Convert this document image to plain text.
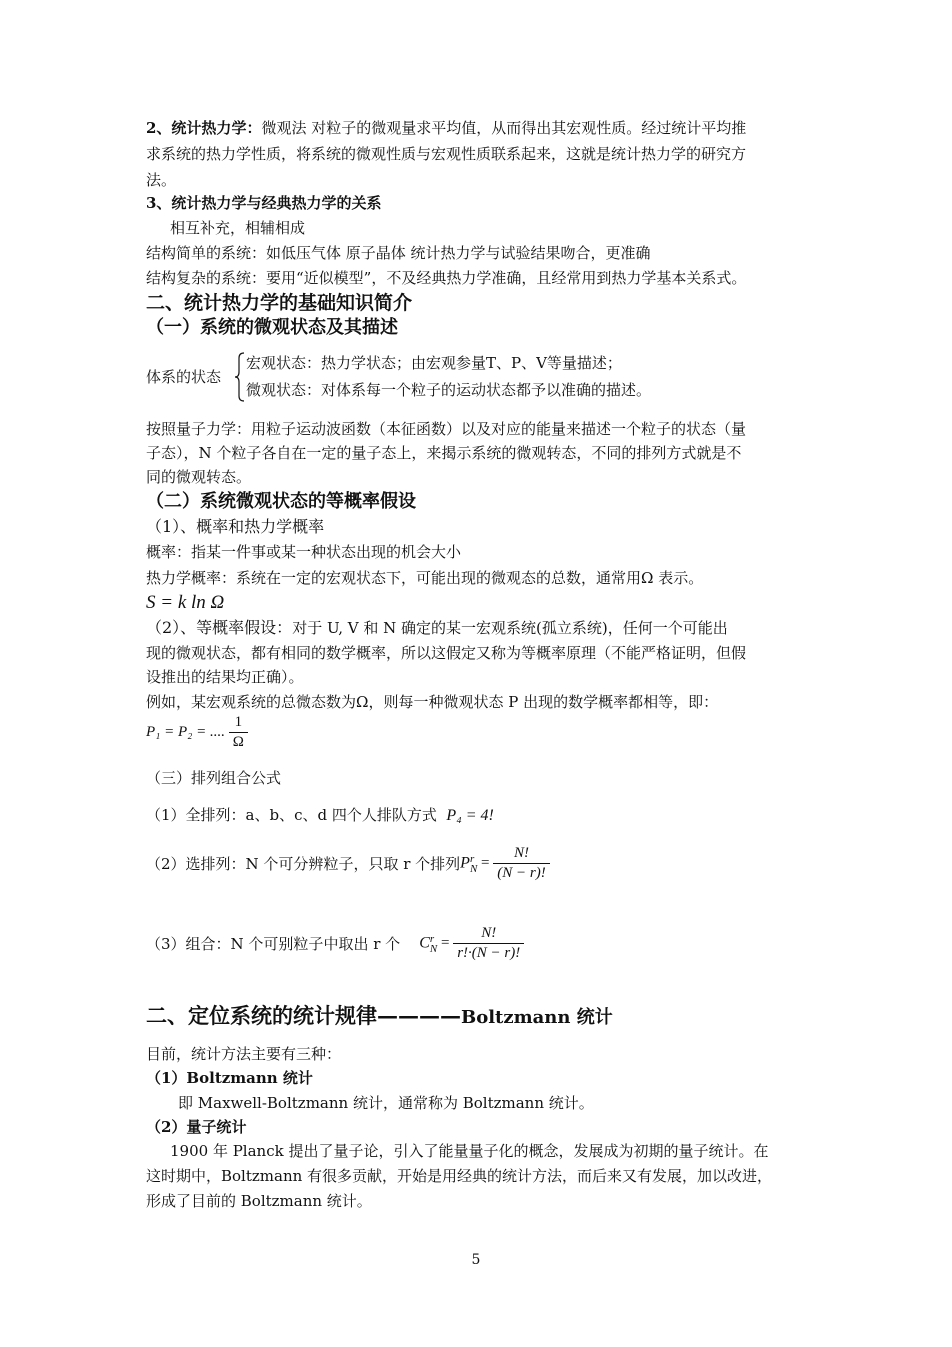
2、统计热力学：微观法 对粒子的微观量求平均值，从而得出其宏观性质。经过统计平均推
求系统的热力学性质，将系统的微观性质与宏观性质联系起来，这就是统计热力学的研究方
法。
3、统计热力学与经典热力学的关系
相互补充，相辅相成
结构简单的系统：如低压气体 原子晶体 统计热力学与试验结果吻合，更准确
结构复杂的系统：要用“近似模型”，不及经典热力学准确，且经常用到热力学基本关系式。
二、统计热力学的基础知识简介
（一）系统的微观状态及其描述
体系的状态
宏观状态：热力学状态；由宏观参量T、P、V等量描述；
微观状态：对体系每一个粒子的运动状态都予以准确的描述。
按照量子力学：用粒子运动波函数（本征函数）以及对应的能量来描述一个粒子的状态（量
子态），N 个粒子各自在一定的量子态上，来揭示系统的微观转态，不同的排列方式就是不
同的微观转态。
（二）系统微观状态的等概率假设
（1）、概率和热力学概率
概率：指某一件事或某一种状态出现的机会大小
热力学概率：系统在一定的宏观状态下，可能出现的微观态的总数，通常用Ω 表示。
S = k ln Ω
（2）、等概率假设：对于 U, V 和 N 确定的某一宏观系统(孤立系统)，任何一个可能出
现的微观状态，都有相同的数学概率，所以这假定又称为等概率原理（不能严格证明，但假
设推出的结果均正确）。
例如，某宏观系统的总微态数为Ω，则每一种微观状态 P 出现的数学概率都相等，即：
P₁ = P₂ = .... $\frac{1}{\Omega}$
（三）排列组合公式
（1）全排列：a、b、c、d 四个人排队方式 P₄ = 4!
（2）选排列：N 个可分辨粒子，只取 r 个排列P r
$N = \frac{N!}{(N - r)!}$
（3）组合：N 个可别粒子中取出 r 个 C r
$N = \frac{N!}{r!\cdot(N - r)!}$
二、定位系统的统计规律————Boltzmann 统计
目前，统计方法主要有三种：
（1）Boltzmann 统计
即 Maxwell-Boltzmann 统计，通常称为 Boltzmann 统计。
（2）量子统计
1900 年 Planck 提出了量子论，引入了能量量子化的概念，发展成为初期的量子统计。在
这时期中，Boltzmann 有很多贡献，开始是用经典的统计方法，而后来又有发展，加以改进，
形成了目前的 Boltzmann 统计。
5
